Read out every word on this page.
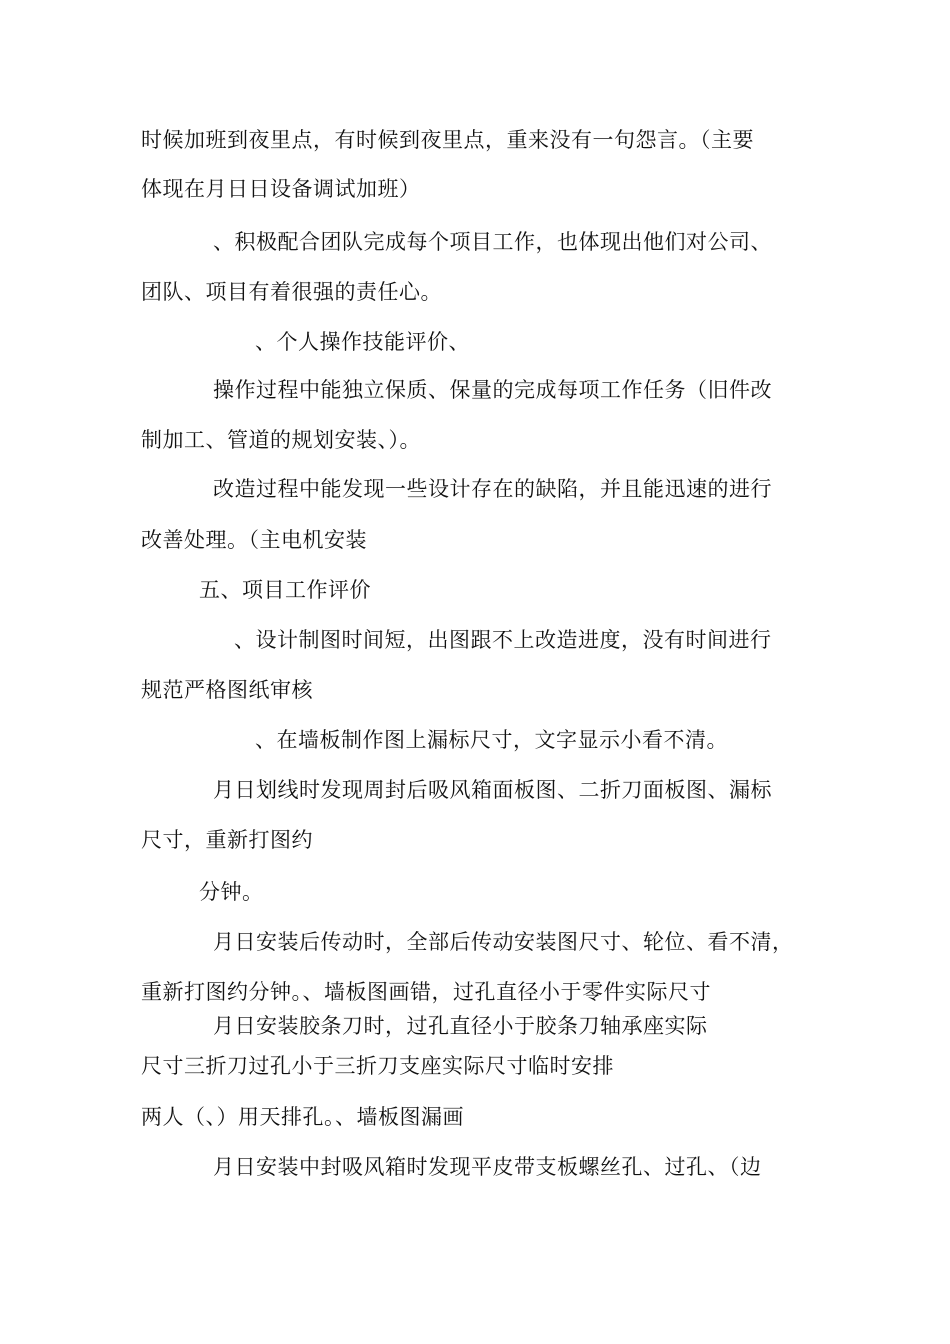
时候加班到夜里点，有时候到夜里点，重来没有一句怨言。（主要
体现在月日日设备调试加班）
、积极配合团队完成每个项目工作，也体现出他们对公司、
团队、项目有着很强的责任心。
、个人操作技能评价、
操作过程中能独立保质、保量的完成每项工作任务（旧件改
制加工、管道的规划安装、）。
改造过程中能发现一些设计存在的缺陷，并且能迅速的进行
改善处理。（主电机安装
五、项目工作评价
、设计制图时间短，出图跟不上改造进度，没有时间进行
规范严格图纸审核
、在墙板制作图上漏标尺寸，文字显示小看不清。
月日划线时发现周封后吸风箱面板图、二折刀面板图、漏标
尺寸，重新打图约
分钟。
月日安装后传动时，全部后传动安装图尺寸、轮位、看不清，
重新打图约分钟。、墙板图画错，过孔直径小于零件实际尺寸
月日安装胶条刀时，过孔直径小于胶条刀轴承座实际
尺寸三折刀过孔小于三折刀支座实际尺寸临时安排
两人（、）用天排孔。、墙板图漏画
月日安装中封吸风箱时发现平皮带支板螺丝孔、过孔、（边
